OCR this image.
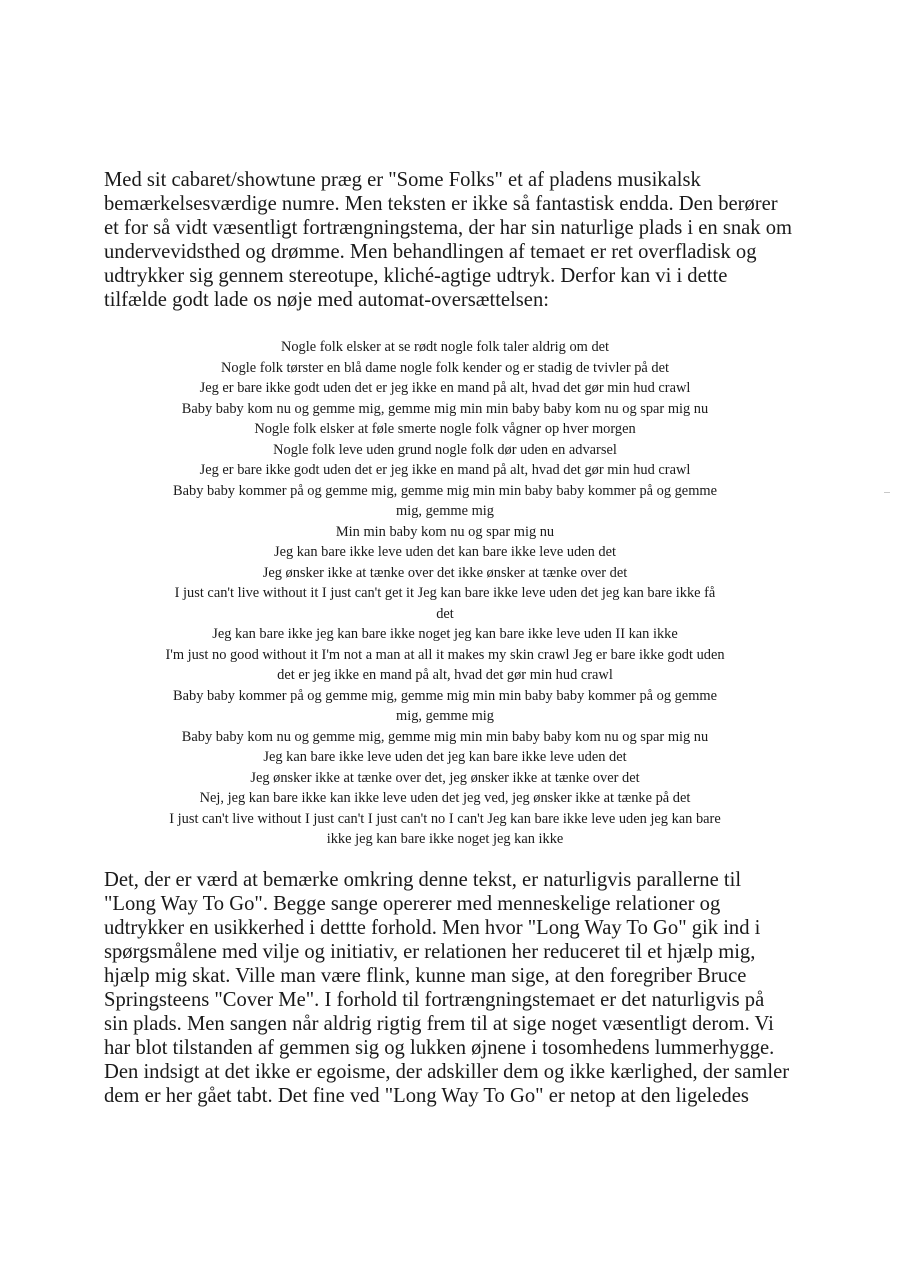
Med sit cabaret/showtune præg er "Some Folks" et af pladens musikalsk
bemærkelsesværdige numre. Men teksten er ikke så fantastisk endda. Den berører
et for så vidt væsentligt fortrængningstema, der har sin naturlige plads i en snak om
undervevidsthed og drømme. Men behandlingen af temaet er ret overfladisk og
udtrykker sig gennem stereotupe, kliché-agtige udtryk. Derfor kan vi i dette
tilfælde godt lade os nøje med automat-oversættelsen:

Nogle folk elsker at se rødt nogle folk taler aldrig om det
Nogle folk tørster en blå dame nogle folk kender og er stadig de tvivler på det
Jeg er bare ikke godt uden det er jeg ikke en mand på alt, hvad det gør min hud crawl
Baby baby kom nu og gemme mig, gemme mig min min baby baby kom nu og spar mig nu
Nogle folk elsker at føle smerte nogle folk vågner op hver morgen
Nogle folk leve uden grund nogle folk dør uden en advarsel
Jeg er bare ikke godt uden det er jeg ikke en mand på alt, hvad det gør min hud crawl
Baby baby kommer på og gemme mig, gemme mig min min baby baby kommer på og gemme
mig, gemme mig
Min min baby kom nu og spar mig nu
Jeg kan bare ikke leve uden det kan bare ikke leve uden det
Jeg ønsker ikke at tænke over det ikke ønsker at tænke over det
I just can't live without it I just can't get it Jeg kan bare ikke leve uden det jeg kan bare ikke få
det
Jeg kan bare ikke jeg kan bare ikke noget jeg kan bare ikke leve uden II kan ikke
I'm just no good without it I'm not a man at all it makes my skin crawl Jeg er bare ikke godt uden
det er jeg ikke en mand på alt, hvad det gør min hud crawl
Baby baby kommer på og gemme mig, gemme mig min min baby baby kommer på og gemme
mig, gemme mig
Baby baby kom nu og gemme mig, gemme mig min min baby baby kom nu og spar mig nu
Jeg kan bare ikke leve uden det jeg kan bare ikke leve uden det
Jeg ønsker ikke at tænke over det, jeg ønsker ikke at tænke over det
Nej, jeg kan bare ikke kan ikke leve uden det jeg ved, jeg ønsker ikke at tænke på det
I just can't live without I just can't I just can't no I can't Jeg kan bare ikke leve uden jeg kan bare
ikke jeg kan bare ikke noget jeg kan ikke

Det, der er værd at bemærke omkring denne tekst, er naturligvis parallerne til
"Long Way To Go". Begge sange opererer med menneskelige relationer og
udtrykker en usikkerhed i dettte forhold. Men hvor "Long Way To Go" gik ind i
spørgsmålene med vilje og initiativ, er relationen her reduceret til et hjælp mig,
hjælp mig skat. Ville man være flink, kunne man sige, at den foregriber Bruce
Springsteens "Cover Me". I forhold til fortrængningstemaet er det naturligvis på
sin plads. Men sangen når aldrig rigtig frem til at sige noget væsentligt derom. Vi
har blot tilstanden af gemmen sig og lukken øjnene i tosomhedens lummerhygge.
Den indsigt at det ikke er egoisme, der adskiller dem og ikke kærlighed, der samler
dem er her gået tabt. Det fine ved "Long Way To Go" er netop at den ligeledes
